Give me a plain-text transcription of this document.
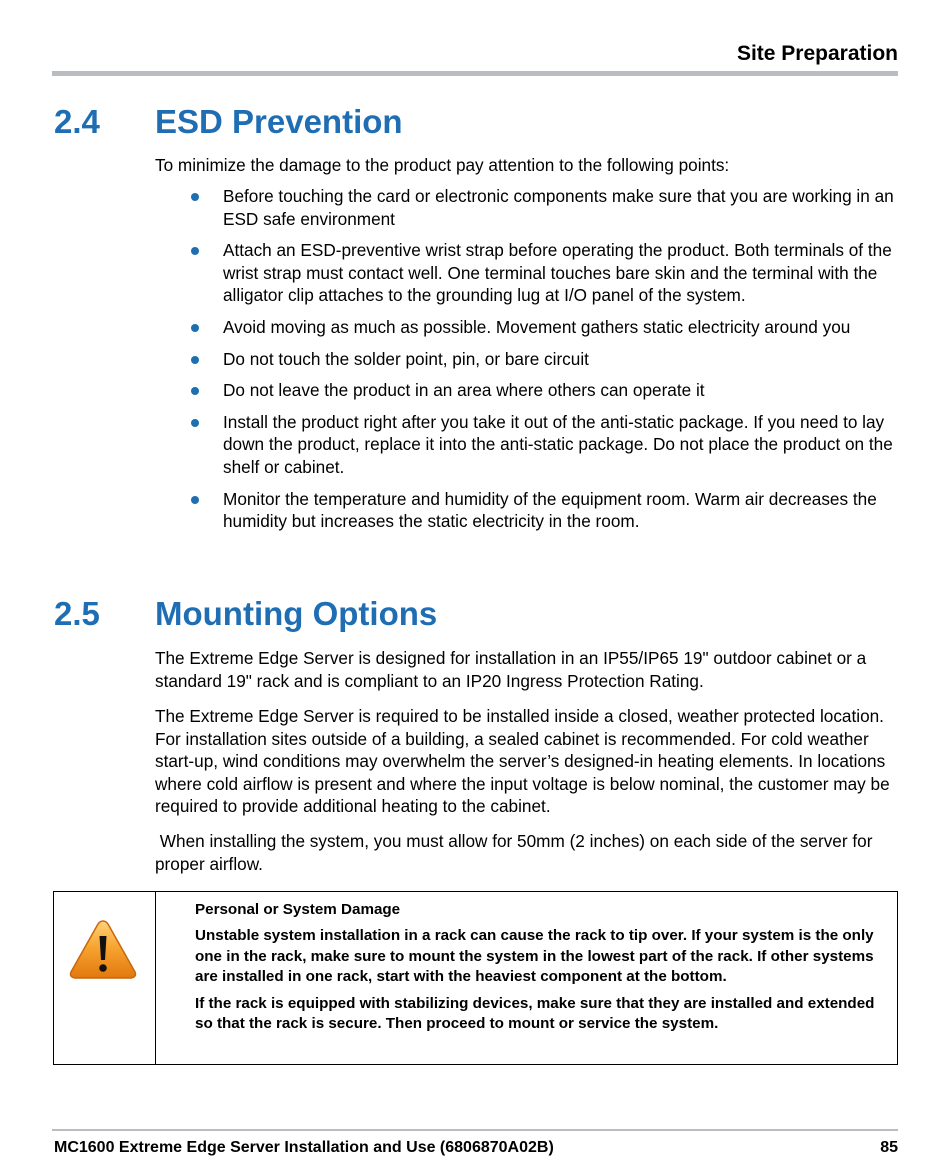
Site Preparation
2.4 ESD Prevention

To minimize the damage to the product pay attention to the following points:

Before touching the card or electronic components make sure that you are working in an ESD safe environment
Attach an ESD-preventive wrist strap before operating the product. Both terminals of the wrist strap must contact well. One terminal touches bare skin and the terminal with the alligator clip attaches to the grounding lug at I/O panel of the system.
Avoid moving as much as possible. Movement gathers static electricity around you
Do not touch the solder point, pin, or bare circuit
Do not leave the product in an area where others can operate it
Install the product right after you take it out of the anti-static package. If you need to lay down the product, replace it into the anti-static package. Do not place the product on the shelf or cabinet.
Monitor the temperature and humidity of the equipment room. Warm air decreases the humidity but increases the static electricity in the room.
2.5 Mounting Options

The Extreme Edge Server is designed for installation in an IP55/IP65 19" outdoor cabinet or a standard 19" rack and is compliant to an IP20 Ingress Protection Rating.

The Extreme Edge Server is required to be installed inside a closed, weather protected location. For installation sites outside of a building, a sealed cabinet is recommended. For cold weather start-up, wind conditions may overwhelm the server’s designed-in heating elements. In locations where cold airflow is present and where the input voltage is below nominal, the customer may be required to provide additional heating to the cabinet.

When installing the system, you must allow for 50mm (2 inches) on each side of the server for proper airflow.

Personal or System Damage

Unstable system installation in a rack can cause the rack to tip over. If your system is the only one in the rack, make sure to mount the system in the lowest part of the rack. If other systems are installed in one rack, start with the heaviest component at the bottom.

If the rack is equipped with stabilizing devices, make sure that they are installed and extended so that the rack is secure. Then proceed to mount or service the system.

MC1600 Extreme Edge Server Installation and Use (6806870A02B)	85
